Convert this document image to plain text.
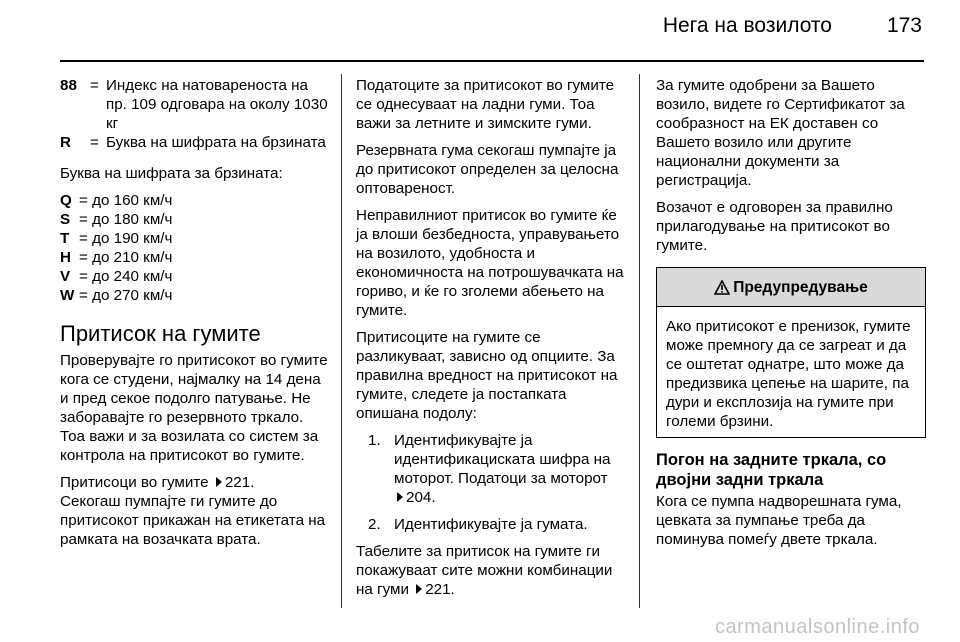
Нега на возилото	173
88 = Индекс на натовареноста на пр. 109 одговара на околу 1030 кг
R	= Буква на шифрата на брзината

Буква на шифрата за брзината:

Q = до 160 км/ч
S = до 180 км/ч
T = до 190 км/ч
H = до 210 км/ч
V = до 240 км/ч
W = до 270 км/ч
Притисок на гумите

Проверувајте го притисокот во гумите кога се студени, најмалку на 14 дена и пред секое подолго патување. Не заборавајте го резервното тркало. Тоа важи и за возилата со систем за контрола на притисокот во гумите.

Притисоци во гумите 221.
Секогаш пумпајте ги гумите до притисокот прикажан на етикетата на рамката на возачката врата.

Податоците за притисокот во гумите се однесуваат на ладни гуми. Тоа важи за летните и зимските гуми.

Резервната гума секогаш пумпајте ја до притисокот определен за целосна оптовареност.

Неправилниот притисок во гумите ќе ја влоши безбедноста, управувањето на возилото, удобноста и економичноста на потрошувачката на гориво, и ќе го зголеми абењето на гумите.

Притисоците на гумите се разликуваат, зависно од опциите. За правилна вредност на притисокот на гумите, следете ја постапката опишана подолу:

1. Идентификувајте ја идентификациската шифра на моторот. Податоци за моторот
204.
2. Идентификувајте ја гумата.

Табелите за притисок на гумите ги покажуваат сите можни комбинации на гуми 221.

За гумите одобрени за Вашето возило, видете го Сертификатот за сообразност на ЕК доставен со Вашето возило или другите национални документи за регистрација.

Возачот е одговорен за правилно прилагодување на притисокот во гумите.

Предупредување
Ако притисокот е пренизок, гумите може премногу да се загреат и да се оштетат однатре, што може да предизвика цепење на шарите, па дури и експлозија на гумите при големи брзини.
Погон на задните тркала, со двојни задни тркала

Кога се пумпа надворешната гума, цевката за пумпање треба да поминува помеѓу двете тркала.

carmanualsonline.info
